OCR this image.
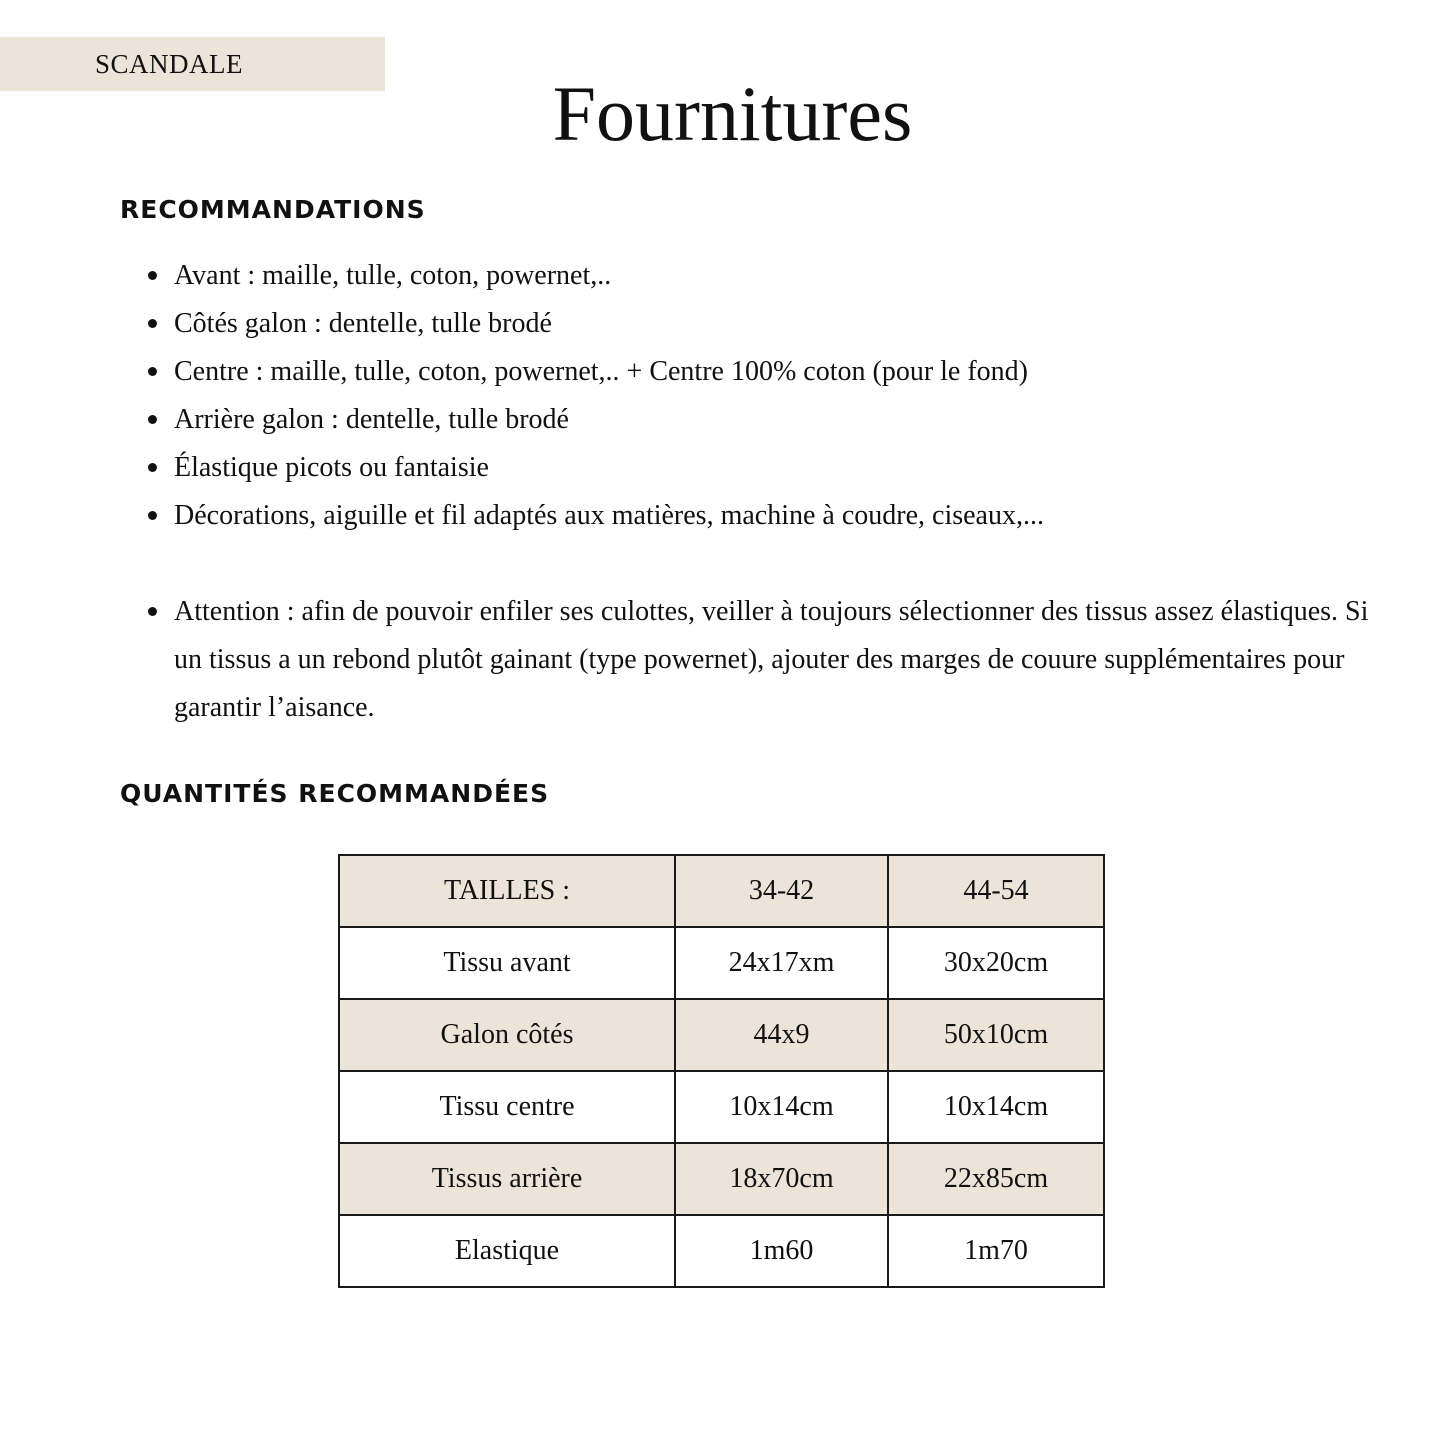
SCANDALE
Fournitures
RECOMMANDATIONS
Avant : maille, tulle, coton, powernet,..
Côtés galon : dentelle, tulle brodé
Centre : maille, tulle, coton, powernet,.. + Centre 100% coton (pour le fond)
Arrière galon : dentelle, tulle brodé
Élastique picots ou fantaisie
Décorations, aiguille et fil adaptés aux matières, machine à coudre, ciseaux,...
Attention : afin de pouvoir enfiler ses culottes, veiller à toujours sélectionner des tissus assez élastiques. Si un tissus a un rebond plutôt gainant (type powernet), ajouter des marges de couure supplémentaires pour garantir l’aisance.
QUANTITÉS RECOMMANDÉES
TAILLES :	34-42	44-54
Tissu avant	24x17xm	30x20cm
Galon côtés	44x9	50x10cm
Tissu centre	10x14cm	10x14cm
Tissus arrière	18x70cm	22x85cm
Elastique	1m60	1m70
